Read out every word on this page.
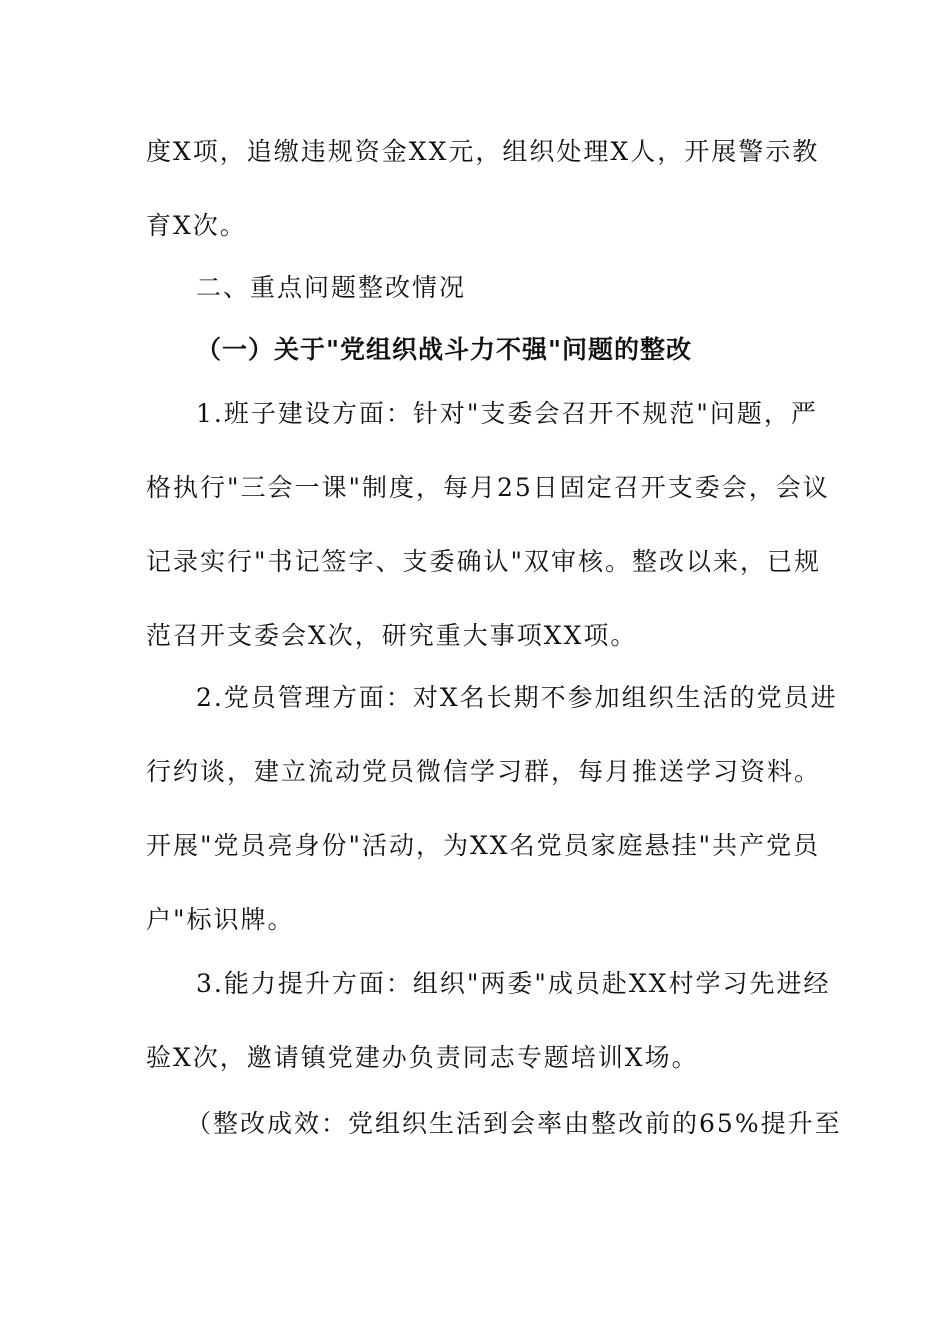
度X项，追缴违规资金XX元，组织处理X人，开展警示教
育X次。
二、重点问题整改情况
（一）关于"党组织战斗力不强"问题的整改
1.班子建设方面：针对"支委会召开不规范"问题，严
格执行"三会一课"制度，每月25日固定召开支委会，会议
记录实行"书记签字、支委确认"双审核。整改以来，已规
范召开支委会X次，研究重大事项XX项。
2.党员管理方面：对X名长期不参加组织生活的党员进
行约谈，建立流动党员微信学习群，每月推送学习资料。
开展"党员亮身份"活动，为XX名党员家庭悬挂"共产党员
户"标识牌。
3.能力提升方面：组织"两委"成员赴XX村学习先进经
验X次，邀请镇党建办负责同志专题培训X场。
（整改成效：党组织生活到会率由整改前的65%提升至
